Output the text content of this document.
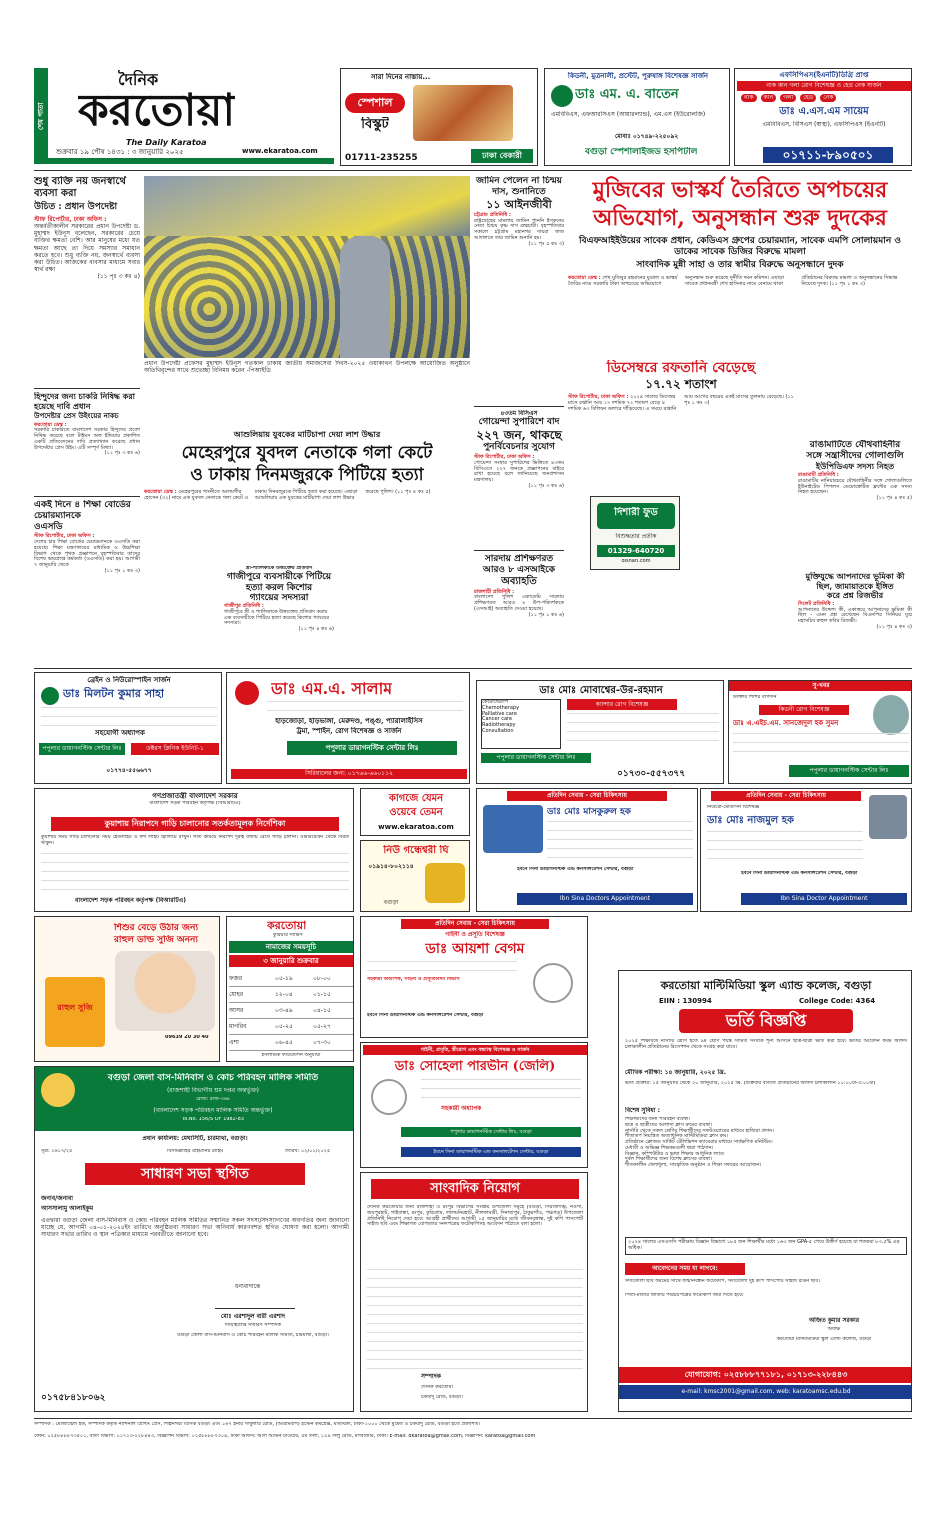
শেষ পাতা
দৈনিক
করতোয়া
The Daily Karatoa
শুক্রবার ১৯ পৌষ ১৪৩১ : ৩ জানুয়ারি ২০২৫	www.ekaratoa.com
সারা দিনের নাস্তায়...
স্পেশাল
বিস্কুট
01711-235255	ঢাকা বেকারী
কিডনী, মুত্রনালী, প্রস্টেট, পুরুষাঙ্গ বিশেষজ্ঞ সার্জন
ডাঃ এম. এ. বাতেন
এমবিবিএস, এফআরসিএস (আয়ারল্যান্ড), এম.এস (ইউরোলজি)
মোবাঃ ০১৭৪৯-২২৫০৯২
বগুড়া স্পেশালাইজড হসপিটাল
এফসিপিএস(ইএনটি)ডিগ্রি প্রাপ্ত
নাক কান গলা রোগ বিশেষজ্ঞ ও হেড নেক সার্জন
নাক	কান	গলা	হেড	নেক
ডাঃ এ.এস.এম সায়েম
এমবিবিএস, বিসিএস (স্বাস্থ্য), এফসিপিএস (ইএনটি)
০১৭১১-৮৯০৫০১
শুধু ব্যক্তি নয় জনস্বার্থে ব্যবসা করা
উচিত : প্রধান উপদেষ্টা
স্টাফ রিপোর্টার, ঢাকা অফিস :
অন্তর্বর্তীকালীন সরকারের প্রধান উপদেষ্টা ড. মুহাম্মদ ইউনূস বলেছেন, সরকারের চেয়ে ব্যক্তির ক্ষমতা বেশি। আর মানুষের মধ্যে যত ক্ষমতা আছে তা দিয়ে সমস্যার সমাধান করতে হবে। শুধু ব্যক্তি নয়, জনস্বার্থে ব্যবসা করা উচিত। আজকের ব্যবসার মাধ্যমে সবার স্বার্থ রক্ষা
(১১ পৃঃ ৩ কঃ ৪)
হিন্দুদের জন্য চাকরি নিষিদ্ধ করা হয়েছে দাবি প্রধান
উপদেষ্টার প্রেস উইংয়ের নাকচ
করতোয়া ডেস্ক :
সরকারি চাকরিতে বাংলাদেশ সরকার হিন্দুদের প্রবেশ নিষিদ্ধ করেছে বলে টাইমস অফ ইন্ডিয়ার প্রকাশিত একটি প্রতিবেদনের দাবি প্রত্যাখ্যান করেছে প্রধান উপদেষ্টার প্রেস উইং। এটি সম্পূর্ণ মিথ্যা।
(১১ পৃঃ ৩ কঃ ৬)
একই দিনে ৪ শিক্ষা বোর্ডের চেয়ারম্যানকে
ওএসডি
স্টাফ রিপোর্টার, ঢাকা অফিস :
দেশের চার শিক্ষা বোর্ডের চেয়ারম্যানকে ওএসডি করা হয়েছে। শিক্ষা মন্ত্রণালয়ের মাধ্যমিক ও উচ্চশিক্ষা বিভাগ থেকে পৃথক প্রজ্ঞাপনে বৃহস্পতিবার তাদের বিশেষ ভারপ্রাপ্ত কর্মকর্তা (ওএসডি) করা হয়। আগামী ৭ জানুয়ারি থেকে
(১১ পৃঃ ১ কঃ ৩)
প্রধান উপদেষ্টা প্রফেসর মুহাম্মদ ইউনূস গতকাল ঢাকায় জাতীয় সমাজসেবা দিবস-২০২৫ ওয়াকাথন উপলক্ষে আয়োজিত অনুষ্ঠানে অতিথিবৃন্দের সাথে শুভেচ্ছা বিনিময় করেন -পিআইডি
জামিন পেলেন না চিন্ময় দাস, শুনানিতে
১১ আইনজীবী
চট্টগ্রাম প্রতিনিধি :
রাষ্ট্রদ্রোহের মামলায় জামিন পাননি ইসকনের নেতা চিন্ময় কৃষ্ণ দাস ব্রহ্মচারী। বৃহস্পতিবার সকালে চট্টগ্রাম মহানগর দায়রা জজ আদালতে তার জামিন শুনানি হয়।
(১১ পৃঃ ৫ কঃ ৩)
৪৩তম বিসিএস
গোয়েন্দা সুপারিশে বাদ
২২৭ জন, থাকছে
পুনর্বিবেচনার সুযোগ
স্টাফ রিপোর্টার, ঢাকা অফিস :
গোয়েন্দা সংস্থার সুপারিশের ভিত্তিতে ৪৩তম বিসিএসে ২২৭ জনকে প্রজ্ঞাপনের বাইরে রাখা হয়েছে বলে জানিয়েছে জনপ্রশাসন মন্ত্রণালয়।
(১১ পৃঃ ৩ কঃ ৬)
সারদায় প্রশিক্ষণরত আরও ৮ এসআইকে
অব্যাহতি
রাজশাহী প্রতিনিধি :
বাংলাদেশ পুলিশ একাডেমি সারদায় প্রশিক্ষণরত আরও ৮ উপ-পরিদর্শককে (এসআই) অব্যাহতি দেওয়া হয়েছে।
(১১ পৃঃ ১ কঃ ৬)
মুজিবের ভাস্কর্য তৈরিতে অপচয়ের
অভিযোগ, অনুসন্ধান শুরু দুদকের
বিএফআইইউয়ের সাবেক প্রধান, কেডিএস গ্রুপের চেয়ারম্যান, সাবেক এমপি সোলায়মান ও ডাকের সাবেক ডিজির বিরুদ্ধে মামলা
সাংবাদিক মুন্নী সাহা ও তার স্বামীর বিরুদ্ধে অনুসন্ধানে দুদক
করতোয়া ডেস্ক : শেখ মুজিবুর রহমানের ম্যুরাল ও ভাস্কর্য তৈরির নামে সরকারি টাকা অপচয়ের অভিযোগে অনুসন্ধান শুরু করেছে দুর্নীতি দমন কমিশন। এছাড়া সাবেক প্রধানমন্ত্রী শেখ হাসিনার নামে বেনামে থাকা প্রতিষ্ঠানের বিরুদ্ধে মামলা ও অনুসন্ধানের সিদ্ধান্ত নিয়েছে দুদক। (১১ পৃঃ ১ কঃ ৩)
ডিসেম্বরে রফতানি বেড়েছে
১৭.৭২ শতাংশ
স্টাফ রিপোর্টার, ঢাকা অফিস : ২০২৪ সালের ডিসেম্বর মাসে রপ্তানি আয় ১৭ দশমিক ৭২ শতাংশ বেড়ে ৪ দশমিক ৬৩ বিলিয়ন ডলারে দাঁড়িয়েছে। এ সময়ে রপ্তানি আয় আগের বছরের একই মাসের তুলনায় বেড়েছে। (১১ পৃঃ ১ কঃ ৩)
দিশারী ফুড
বিশুদ্ধতার প্রতীক
01329-640720
dishari.com
রাঙামাটিতে যৌথবাহিনীর
সঙ্গে সন্ত্রাসীদের গোলাগুলি
ইউপিডিএফ সদস্য নিহত
রাঙামাটি প্রতিনিধি :
রাঙামাটির নানিয়ারচরে যৌথবাহিনীর সঙ্গে গোলাগুলিতে ইউনাইটেড পিপলস ডেমোক্রেটিক ফ্রন্টের এক সদস্য নিহত হয়েছেন।
(১১ পৃঃ ৪ কঃ ৫)
মুক্তিযুদ্ধে আপনাদের ভূমিকা কী
ছিল, জামায়াতকে ইঙ্গিত
করে প্রশ্ন রিজভীর
সিলেট প্রতিনিধি :
আপনাদের উদ্দেশ্য কী, একাত্তরে আপনাদের ভূমিকা কী ছিল - এমন প্রশ্ন রেখেছেন বিএনপির সিনিয়র যুগ্ম মহাসচিব রুহুল কবির রিজভী।
(১১ পৃঃ ৪ কঃ ৩)
আশুলিয়ায় যুবকের মাটিচাপা দেয়া লাশ উদ্ধার
মেহেরপুরে যুবদল নেতাকে গলা কেটে
ও ঢাকায় দিনমজুরকে পিটিয়ে হত্যা
করতোয়া ডেস্ক : মেহেরপুরের গাংনীতে আলমগীর হোসেন (৩২) নামে এক যুবদল নেতাকে গলা কেটে ও ঢাকায় দিনমজুরকে পিটিয়ে হত্যা করা হয়েছে। এছাড়া আশুলিয়ায় এক যুবকের মাটিচাপা দেয়া লাশ উদ্ধার করেছে পুলিশ। (১১ পৃঃ ৪ কঃ ৫)
স্ত্রী-শ্যালিকাকে উত্ত্যক্তের প্রতিবাদ
গাজীপুরে ব্যবসায়ীকে পিটিয়ে
হত্যা করল কিশোর
গ্যাংয়ের সদস্যরা
গাজীপুর প্রতিনিধি :
গাজীপুরে স্ত্রী ও শ্যালিকাকে উত্ত্যক্তের প্রতিবাদ করায় এক ব্যবসায়ীকে পিটিয়ে হত্যা করেছে কিশোর গ্যাংয়ের সদস্যরা।
(১১ পৃঃ ৪ কঃ ৬)
ব্রেইন ও নিউরোস্পাইন সার্জন
ডাঃ মিলটন কুমার সাহা
সহযোগী অধ্যাপক
পপুলার ডায়াগনস্টিক সেন্টার লিঃ	ডক্টরস ক্লিনিক ইউনিট-১
০১৭৭৪-৫৫৬৬৭৭
ডাঃ এম.এ. সালাম
হাড়জোড়া, হাড়ভাঙ্গা, মেরুদণ্ড, পঙ্গু, প্যারালাইসিস
ট্রমা, স্পাইন, রোগ বিশেষজ্ঞ ও সার্জন
পপুলার ডায়াগনস্টিক সেন্টার লিঃ
সিরিয়ালের জন্য: ০১৭৬৬-৬৬০১১২
ডাঃ মোঃ মোবাশ্বের-উর-রহমান
ক্যান্সার রোগ বিশেষজ্ঞ
কেমোথেরাপি
Chemotherapy
Palliative care
Cancer care
Radiotherapy
Consultation
পপুলার ডায়াগনস্টিক সেন্টার লিঃ
০১৭৩০-৫৫৭৩৭৭
সু-খবর
ডাক্তার শিশির বাগদান
কিডনী রোগ বিশেষজ্ঞ
ডাঃ এ.এইচ.এম. সানজেদুল হক সুমন
পপুলার ডায়াগনস্টিক সেন্টার লিঃ
গণপ্রজাতন্ত্রী বাংলাদেশ সরকার
বাংলাদেশ সড়ক পরিবহন কর্তৃপক্ষ (বিআরটিএ)
কুয়াশায় নিরাপদে গাড়ি চালানোর সতর্কতামূলক নির্দেশিকা
কুয়াশার সময় গাড়ি চালানোর সময় হেডলাইট ও ফগ লাইট জ্বালিয়ে রাখুন। গতি কমিয়ে নিরাপদ দূরত্ব বজায় রেখে গাড়ি চালান। ওভারটেকিং থেকে বিরত থাকুন।
বাংলাদেশ সড়ক পরিবহন কর্তৃপক্ষ (বিআরটিএ)
কাগজে যেমন
ওয়েবে তেমন
www.ekaratoa.com
নিউ গন্ধেশ্বরী ঘি
০১৯১৪-৮০২১১৪
বগুড়া
প্রতিদিন সেবায় - সেরা চিকিৎসায়
ডাঃ মোঃ মাসকুরুল হক
ইবনে সিনা ডায়াগনস্টিক এন্ড কনসালটেশন সেন্টার, বগুড়া
Ibn Sina Doctors Appointment
প্রতিদিন সেবায় - সেরা চিকিৎসায়
নিউরো-মেডিসিন বিশেষজ্ঞ
ডাঃ মোঃ নাজমুল হক
ইবনে সিনা ডায়াগনস্টিক এন্ড কনসালটেশন সেন্টার, বগুড়া
Ibn Sina Doctor Appointment
শিশুর বেড়ে উঠার জন্য
রাহুল ডাল্ড সুজি অনন্য
রাহুল সুজি
09639 20 30 40
করতোয়া
কুরিয়ার সার্ভিস
নামাজের সময়সূচি
৩ জানুয়ারি শুক্রবার
ফজর	০৫-১৯	০৮-০০
যোহর	১২-০৪	০১-১৫
আসর	০৩-৪৯	০৪-১৫
মাগরিব	০৫-২৫	০৫-২৭
এশা	০৬-৪৫	০৭-৩০
ইসলামিক ফাউন্ডেশন অনুযায়ী
প্রতিদিন সেবায় - সেরা চিকিৎসায়
গাইনী ও প্রসূতি বিশেষজ্ঞ
ডাঃ আয়শা বেগম
সহকারী অধ্যাপক, গাইনী ও প্রসূতিবিদ্যা বিভাগ
ইবনে সিনা ডায়াগনস্টিক এন্ড কনসালটেশন সেন্টার, বগুড়া
গাইনী, প্রসূতি, স্ত্রীরোগ এবং বন্ধ্যাত্ব বিশেষজ্ঞ ও সার্জন
ডাঃ সোহেলা পারভীন (জেলি)
সহকারী অধ্যাপক
পপুলার ডায়াগনস্টিক সেন্টার লিঃ, বগুড়া
ইবনে সিনা ডায়াগনস্টিক এন্ড কনসালটেশন সেন্টার, বগুড়া
করতোয়া মাল্টিমিডিয়া স্কুল এ্যান্ড কলেজ, বগুড়া
EIIN : 130994	College Code: 4364
ভর্তি বিজ্ঞপ্তি
২০২৫ শিক্ষাবর্ষে নার্সারি শ্রেণি হতে ৯ম শ্রেণি পর্যন্ত সীমিত সংখ্যক শূন্য আসনে ছাত্র-ছাত্রী ভর্তি করা হবে। ভর্তির আবেদন ফরম অফিস চলাকালীন প্রতিষ্ঠানের রিসেপশন থেকে সংগ্রহ করা যাবে।
মৌখিক পরীক্ষা: ১৪ জানুয়ারি, ২০২৫ খ্রি.
ভর্তি প্রক্রিয়া: ১৫ জানুয়ারি থেকে ২০ জানুয়ারি, ২০২৫ খ্রি. (শুক্রবার ব্যতীত প্রতিষ্ঠানের অফিস চলাকালীন ১০:০০টা-৩:০০টা)
বিশেষ সুবিধা :
শিক্ষার্থীদের জন্য পরিবহন ব্যবস্থা।
ছাত্র ও ছাত্রীদের আলাদা ক্লাস রুমের ব্যবস্থা।
নার্সারি থেকে সকল শ্রেণির শিক্ষার্থীদের সফটওয়্যারের মাধ্যমে হাজিরা প্রদান।
শীতাতপ নিয়ন্ত্রিত অত্যাধুনিক মাল্টিমিডিয়া ক্লাস রুম।
প্রতিষ্ঠানে ক্লোজড সার্কিট টেলিভিশন ক্যামেরার মাধ্যমে সার্বক্ষণিক মনিটরিং।
মেধাবী ও অভিজ্ঞ শিক্ষকমণ্ডলী দ্বারা পাঠদান।
বিজ্ঞান, কম্পিউটার ও ভাষা শিক্ষার আধুনিক ল্যাব।
দুর্বল শিক্ষার্থীদের জন্য বিশেষ ক্লাসের ব্যবস্থা।
শীতকালীন খেলাধুলা, সাংস্কৃতিক অনুষ্ঠান ও শিক্ষা সফরের আয়োজন।
২০২৪ সালের এসএসসি পরীক্ষায় বিজ্ঞান বিভাগে ১৮৫ জন শিক্ষার্থীর মধ্যে ১৬৩ জন GPA-৫ পেয়ে উত্তীর্ণ হয়েছে যা শতকরা ৮৩.৫% এর অধিক।
আবেদনের সময় যা লাগবে:
সদ্যতোলা ছবি ফরমের সাথে জন্মনিবন্ধন ফটোকপি, সদ্যতোলা দুই কপি পাসপোর্ট সাইজ রঙিন ছবি।
পিতা-মাতার জাতীয় পরিচয়পত্রের ফটোকপি জমা দিতে হবে।
অজিত কুমার সরকার
অধ্যক্ষ
করতোয়া মাল্টিমিডিয়া স্কুল এ্যান্ড কলেজ, বগুড়া
যোগাযোগ: ০২৫৮৮৮৭৭১৮১, ০১৭১৩-২২৮৪৪৩
e-mail: kmsc2001@gmail.com, web: karatoamsc.edu.bd
বগুড়া জেলা বাস-মিনিবাস ও কোচ পরিবহন মালিক সমিতি
(রাজশাহী বিভাগীয় শ্রম দপ্তর অন্তর্ভুক্ত)
রেজি: রাজ-৩৬৮
(বাংলাদেশ সড়ক পরিবহন মালিক সমিতি অন্তর্ভুক্ত)
To.No. 156/S OF 1982-83
প্রধান কার্যালয়: মেঘাসিটি, চারমাথা, বগুড়া।
সূত্র: ১৬১৭/২৫	বিসমিল্লাহির রাহমানির রাহিম	তারিখ: ০২/০১/২০২৫
সাধারণ সভা স্থগিত
জনাব/জনাবা
আসসালামু আলাইকুম
এতদ্বারা বগুড়া জেলা বাস-মিনিবাস ও কোচ পরিবহন মালিক সমিতির সম্মানিত সকল সদস্য/সদস্যাগণের অবগতির জন্য জানানো যাচ্ছে যে, আগামী ০৪-০১-২০২৫ইং তারিখে অনুষ্ঠিতব্য সাধারণ সভা অনিবার্য কারণবশত স্থগিত ঘোষণা করা হলো। আগামী সাধারণ সভার তারিখ ও স্থান পত্রিকার মাধ্যমে পরবর্তীতে জানানো হবে।
ধন্যবাদান্তে
মোঃ এরশাদুল বারী এরশাদ
দায়িত্বপ্রাপ্ত সাধারণ সম্পাদক
বগুড়া জেলা বাস-মিনিবাস ও কোচ পরিবহন মালিক সমিতি, চারমাথা, বগুড়া।
০১৭৫৮৪১৮০৬২
সাংবাদিক নিয়োগ
দৈনিক করতোয়ার জন্য রাজশাহী ও রংপুর বিভাগের সংশ্লিষ্ট উপজেলা সমূহে (বগুড়া, সিরাজগঞ্জ, নওগাঁ, জয়পুরহাট, গাইবান্ধা, রংপুর, কুড়িগ্রাম, লালমনিরহাট, নীলফামারী, দিনাজপুর, ঠাকুরগাঁও, পঞ্চগড়) উপজেলা প্রতিনিধি নিয়োগ দেয়া হবে। আগ্রহী প্রার্থীদের আগামী ১৫ জানুয়ারির মধ্যে জীবনবৃত্তান্ত, দুই কপি পাসপোর্ট সাইজ ছবি এবং শিক্ষাগত যোগ্যতার সনদপত্রের ফটোকপিসহ আবেদন পাঠাতে বলা হলো।
সম্পাদক
দৈনিক করতোয়া
চকযাদু রোড, বগুড়া।
সম্পাদক : মোজাম্মেল হক, সম্পাদক কর্তৃক ন্যাশনাল প্রিন্টিং প্রেস, শিল্পনগরী বিসিক বগুড়া এবং ১৬৭ ইনার সার্কুলার রোড, (আরামবাগ) ইস্টেন কমপ্লেক্স, মতিঝিল, ঢাকা-১০০০ থেকে মুদ্রিত ও চকযাদু রোড, বগুড়া হতে প্রকাশিত।
ফোন: ০২৫৮৮৮৮৭৩৫০১, বার্তা বিভাগ: ০১৭১৩-২২৮৪৪৩, বিজ্ঞাপন বিভাগ: ০২৫৮৮৮৮৭৩০৪, ঢাকা অফিস: আল আমিন টাওয়ার, ৫ম তলা, ১২৯ দিলু রোড, মগবাজার, ঢাকা। E-mail: dkaratoa@gmail.com, বিজ্ঞাপন: karatoa@gmail.com
